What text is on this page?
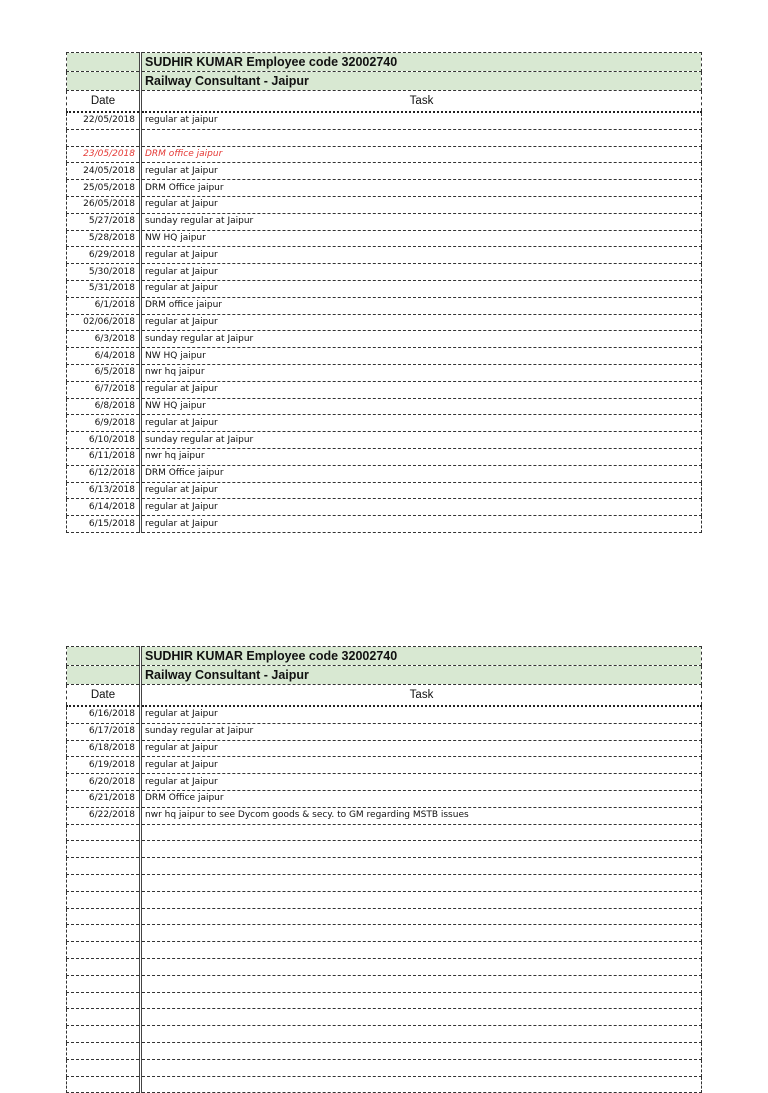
	SUDHIR KUMAR Employee code 32002740
	Railway Consultant - Jaipur
Date	Task
22/05/2018	regular at jaipur

23/05/2018	DRM office jaipur
24/05/2018	regular at Jaipur
25/05/2018	DRM Office jaipur
26/05/2018	regular at Jaipur
5/27/2018	sunday regular at Jaipur
5/28/2018	NW HQ jaipur
6/29/2018	regular at Jaipur
5/30/2018	regular at Jaipur
5/31/2018	regular at Jaipur
6/1/2018	DRM office jaipur
02/06/2018	regular at Jaipur
6/3/2018	sunday regular at Jaipur
6/4/2018	NW HQ jaipur
6/5/2018	nwr hq jaipur
6/7/2018	regular at Jaipur
6/8/2018	NW HQ jaipur
6/9/2018	regular at Jaipur
6/10/2018	sunday regular at Jaipur
6/11/2018	nwr hq jaipur
6/12/2018	DRM Office jaipur
6/13/2018	regular at Jaipur
6/14/2018	regular at Jaipur
6/15/2018	regular at Jaipur
	SUDHIR KUMAR Employee code 32002740
	Railway Consultant - Jaipur
Date	Task
6/16/2018	regular at Jaipur
6/17/2018	sunday regular at Jaipur
6/18/2018	regular at Jaipur
6/19/2018	regular at Jaipur
6/20/2018	regular at Jaipur
6/21/2018	DRM Office jaipur
6/22/2018	nwr hq jaipur to see Dycom goods & secy. to GM regarding MSTB issues
